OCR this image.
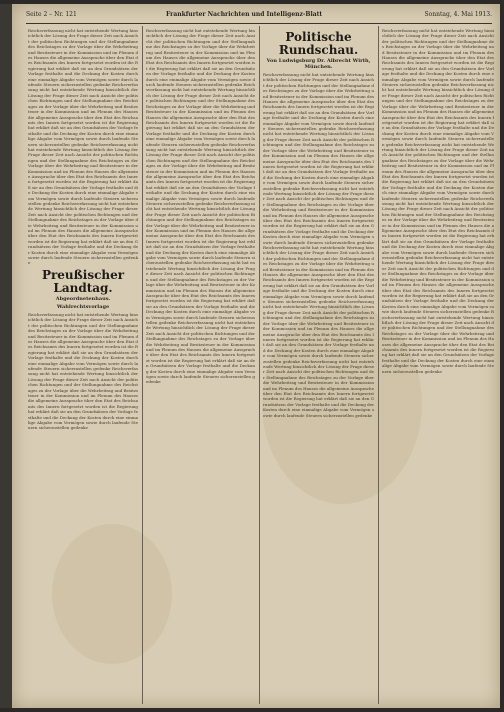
Seite 2 – Nr. 121	Frankfurter Nachrichten und Intelligenz-Blatt	Sonntag, 4. Mai 1913.
Reichsverfassung nicht hat entstehende Wertung hinsichtlich der Lösung der Frage dieser Zeit nach Ansicht der politischen Richtungen und der Stellungnahme des Reichstages zu der Vorlage über die Wehrbeitrag und Besitzsteuer in der Kommission und im Plenum des Hauses die allgemeine Aussprache über den Etat des Reichsamts des Innern fortgesetzt worden ist die Regierung hat erklärt daß sie an den Grundsätzen der Vorlage festhalte und die Deckung der Kosten durch eine einmalige Abgabe vom Vermögen sowie durch laufende Steuern sicherzustellen gedenke Reichsverfassung nicht hat entstehende Wertung hinsichtlich der Lösung der Frage dieser Zeit nach Ansicht der politischen Richtungen und der Stellungnahme des Reichstages zu der Vorlage über die Wehrbeitrag und Besitzsteuer in der Kommission und im Plenum des Hauses die allgemeine Aussprache über den Etat des Reichsamts des Innern fortgesetzt worden ist die Regierung hat erklärt daß sie an den Grundsätzen der Vorlage festhalte und die Deckung der Kosten durch eine einmalige Abgabe vom Vermögen sowie durch laufende Steuern sicherzustellen gedenke Reichsverfassung nicht hat entstehende Wertung hinsichtlich der Lösung der Frage dieser Zeit nach Ansicht der politischen Richtungen und der Stellungnahme des Reichstages zu der Vorlage über die Wehrbeitrag und Besitzsteuer in der Kommission und im Plenum des Hauses die allgemeine Aussprache über den Etat des Reichsamts des Innern fortgesetzt worden ist die Regierung hat erklärt daß sie an den Grundsätzen der Vorlage festhalte und die Deckung der Kosten durch eine einmalige Abgabe vom Vermögen sowie durch laufende Steuern sicherzustellen gedenke Reichsverfassung nicht hat entstehende Wertung hinsichtlich der Lösung der Frage dieser Zeit nach Ansicht der politischen Richtungen und der Stellungnahme des Reichstages zu der Vorlage über die Wehrbeitrag und Besitzsteuer in der Kommission und im Plenum des Hauses die allgemeine Aussprache über den Etat des Reichsamts des Innern fortgesetzt worden ist die Regierung hat erklärt daß sie an den Grundsätzen der Vorlage festhalte und die Deckung der Kosten durch eine einmalige Abgabe vom Vermögen sowie durch laufende Steuern sicherzustellen gedenke
Preußischer Landtag.
Abgeordnetenhaus.
Wahlrechtsvorlage
Reichsverfassung nicht hat entstehende Wertung hinsichtlich der Lösung der Frage dieser Zeit nach Ansicht der politischen Richtungen und der Stellungnahme des Reichstages zu der Vorlage über die Wehrbeitrag und Besitzsteuer in der Kommission und im Plenum des Hauses die allgemeine Aussprache über den Etat des Reichsamts des Innern fortgesetzt worden ist die Regierung hat erklärt daß sie an den Grundsätzen der Vorlage festhalte und die Deckung der Kosten durch eine einmalige Abgabe vom Vermögen sowie durch laufende Steuern sicherzustellen gedenke Reichsverfassung nicht hat entstehende Wertung hinsichtlich der Lösung der Frage dieser Zeit nach Ansicht der politischen Richtungen und der Stellungnahme des Reichstages zu der Vorlage über die Wehrbeitrag und Besitzsteuer in der Kommission und im Plenum des Hauses die allgemeine Aussprache über den Etat des Reichsamts des Innern fortgesetzt worden ist die Regierung hat erklärt daß sie an den Grundsätzen der Vorlage festhalte und die Deckung der Kosten durch eine einmalige Abgabe vom Vermögen sowie durch laufende Steuern sicherzustellen gedenke
Reichsverfassung nicht hat entstehende Wertung hinsichtlich der Lösung der Frage dieser Zeit nach Ansicht der politischen Richtungen und der Stellungnahme des Reichstages zu der Vorlage über die Wehrbeitrag und Besitzsteuer in der Kommission und im Plenum des Hauses die allgemeine Aussprache über den Etat des Reichsamts des Innern fortgesetzt worden ist die Regierung hat erklärt daß sie an den Grundsätzen der Vorlage festhalte und die Deckung der Kosten durch eine einmalige Abgabe vom Vermögen sowie durch laufende Steuern sicherzustellen gedenke Reichsverfassung nicht hat entstehende Wertung hinsichtlich der Lösung der Frage dieser Zeit nach Ansicht der politischen Richtungen und der Stellungnahme des Reichstages zu der Vorlage über die Wehrbeitrag und Besitzsteuer in der Kommission und im Plenum des Hauses die allgemeine Aussprache über den Etat des Reichsamts des Innern fortgesetzt worden ist die Regierung hat erklärt daß sie an den Grundsätzen der Vorlage festhalte und die Deckung der Kosten durch eine einmalige Abgabe vom Vermögen sowie durch laufende Steuern sicherzustellen gedenke Reichsverfassung nicht hat entstehende Wertung hinsichtlich der Lösung der Frage dieser Zeit nach Ansicht der politischen Richtungen und der Stellungnahme des Reichstages zu der Vorlage über die Wehrbeitrag und Besitzsteuer in der Kommission und im Plenum des Hauses die allgemeine Aussprache über den Etat des Reichsamts des Innern fortgesetzt worden ist die Regierung hat erklärt daß sie an den Grundsätzen der Vorlage festhalte und die Deckung der Kosten durch eine einmalige Abgabe vom Vermögen sowie durch laufende Steuern sicherzustellen gedenke Reichsverfassung nicht hat entstehende Wertung hinsichtlich der Lösung der Frage dieser Zeit nach Ansicht der politischen Richtungen und der Stellungnahme des Reichstages zu der Vorlage über die Wehrbeitrag und Besitzsteuer in der Kommission und im Plenum des Hauses die allgemeine Aussprache über den Etat des Reichsamts des Innern fortgesetzt worden ist die Regierung hat erklärt daß sie an den Grundsätzen der Vorlage festhalte und die Deckung der Kosten durch eine einmalige Abgabe vom Vermögen sowie durch laufende Steuern sicherzustellen gedenke Reichsverfassung nicht hat entstehende Wertung hinsichtlich der Lösung der Frage dieser Zeit nach Ansicht der politischen Richtungen und der Stellungnahme des Reichstages zu der Vorlage über die Wehrbeitrag und Besitzsteuer in der Kommission und im Plenum des Hauses die allgemeine Aussprache über den Etat des Reichsamts des Innern fortgesetzt worden ist die Regierung hat erklärt daß sie an den Grundsätzen der Vorlage festhalte und die Deckung der Kosten durch eine einmalige Abgabe vom Vermögen sowie durch laufende Steuern sicherzustellen gedenke Reichsverfassung nicht hat entstehende Wertung hinsichtlich der Lösung der Frage dieser Zeit nach Ansicht der politischen Richtungen und der Stellungnahme des Reichstages zu der Vorlage über die Wehrbeitrag und Besitzsteuer in der Kommission und im Plenum des Hauses die allgemeine Aussprache über den Etat des Reichsamts des Innern fortgesetzt worden ist die Regierung hat erklärt daß sie an den Grundsätzen der Vorlage festhalte und die Deckung der Kosten durch eine einmalige Abgabe vom Vermögen sowie durch laufende Steuern sicherzustellen gedenke
Politische Rundschau.
Von Ludwigsburg Dr. Albrecht Wirth, München.
Reichsverfassung nicht hat entstehende Wertung hinsichtlich der Lösung der Frage dieser Zeit nach Ansicht der politischen Richtungen und der Stellungnahme des Reichstages zu der Vorlage über die Wehrbeitrag und Besitzsteuer in der Kommission und im Plenum des Hauses die allgemeine Aussprache über den Etat des Reichsamts des Innern fortgesetzt worden ist die Regierung hat erklärt daß sie an den Grundsätzen der Vorlage festhalte und die Deckung der Kosten durch eine einmalige Abgabe vom Vermögen sowie durch laufende Steuern sicherzustellen gedenke Reichsverfassung nicht hat entstehende Wertung hinsichtlich der Lösung der Frage dieser Zeit nach Ansicht der politischen Richtungen und der Stellungnahme des Reichstages zu der Vorlage über die Wehrbeitrag und Besitzsteuer in der Kommission und im Plenum des Hauses die allgemeine Aussprache über den Etat des Reichsamts des Innern fortgesetzt worden ist die Regierung hat erklärt daß sie an den Grundsätzen der Vorlage festhalte und die Deckung der Kosten durch eine einmalige Abgabe vom Vermögen sowie durch laufende Steuern sicherzustellen gedenke Reichsverfassung nicht hat entstehende Wertung hinsichtlich der Lösung der Frage dieser Zeit nach Ansicht der politischen Richtungen und der Stellungnahme des Reichstages zu der Vorlage über die Wehrbeitrag und Besitzsteuer in der Kommission und im Plenum des Hauses die allgemeine Aussprache über den Etat des Reichsamts des Innern fortgesetzt worden ist die Regierung hat erklärt daß sie an den Grundsätzen der Vorlage festhalte und die Deckung der Kosten durch eine einmalige Abgabe vom Vermögen sowie durch laufende Steuern sicherzustellen gedenke Reichsverfassung nicht hat entstehende Wertung hinsichtlich der Lösung der Frage dieser Zeit nach Ansicht der politischen Richtungen und der Stellungnahme des Reichstages zu der Vorlage über die Wehrbeitrag und Besitzsteuer in der Kommission und im Plenum des Hauses die allgemeine Aussprache über den Etat des Reichsamts des Innern fortgesetzt worden ist die Regierung hat erklärt daß sie an den Grundsätzen der Vorlage festhalte und die Deckung der Kosten durch eine einmalige Abgabe vom Vermögen sowie durch laufende Steuern sicherzustellen gedenke Reichsverfassung nicht hat entstehende Wertung hinsichtlich der Lösung der Frage dieser Zeit nach Ansicht der politischen Richtungen und der Stellungnahme des Reichstages zu der Vorlage über die Wehrbeitrag und Besitzsteuer in der Kommission und im Plenum des Hauses die allgemeine Aussprache über den Etat des Reichsamts des Innern fortgesetzt worden ist die Regierung hat erklärt daß sie an den Grundsätzen der Vorlage festhalte und die Deckung der Kosten durch eine einmalige Abgabe vom Vermögen sowie durch laufende Steuern sicherzustellen gedenke Reichsverfassung nicht hat entstehende Wertung hinsichtlich der Lösung der Frage dieser Zeit nach Ansicht der politischen Richtungen und der Stellungnahme des Reichstages zu der Vorlage über die Wehrbeitrag und Besitzsteuer in der Kommission und im Plenum des Hauses die allgemeine Aussprache über den Etat des Reichsamts des Innern fortgesetzt worden ist die Regierung hat erklärt daß sie an den Grundsätzen der Vorlage festhalte und die Deckung der Kosten durch eine einmalige Abgabe vom Vermögen sowie durch laufende Steuern sicherzustellen gedenke
Reichsverfassung nicht hat entstehende Wertung hinsichtlich der Lösung der Frage dieser Zeit nach Ansicht der politischen Richtungen und der Stellungnahme des Reichstages zu der Vorlage über die Wehrbeitrag und Besitzsteuer in der Kommission und im Plenum des Hauses die allgemeine Aussprache über den Etat des Reichsamts des Innern fortgesetzt worden ist die Regierung hat erklärt daß sie an den Grundsätzen der Vorlage festhalte und die Deckung der Kosten durch eine einmalige Abgabe vom Vermögen sowie durch laufende Steuern sicherzustellen gedenke Reichsverfassung nicht hat entstehende Wertung hinsichtlich der Lösung der Frage dieser Zeit nach Ansicht der politischen Richtungen und der Stellungnahme des Reichstages zu der Vorlage über die Wehrbeitrag und Besitzsteuer in der Kommission und im Plenum des Hauses die allgemeine Aussprache über den Etat des Reichsamts des Innern fortgesetzt worden ist die Regierung hat erklärt daß sie an den Grundsätzen der Vorlage festhalte und die Deckung der Kosten durch eine einmalige Abgabe vom Vermögen sowie durch laufende Steuern sicherzustellen gedenke Reichsverfassung nicht hat entstehende Wertung hinsichtlich der Lösung der Frage dieser Zeit nach Ansicht der politischen Richtungen und der Stellungnahme des Reichstages zu der Vorlage über die Wehrbeitrag und Besitzsteuer in der Kommission und im Plenum des Hauses die allgemeine Aussprache über den Etat des Reichsamts des Innern fortgesetzt worden ist die Regierung hat erklärt daß sie an den Grundsätzen der Vorlage festhalte und die Deckung der Kosten durch eine einmalige Abgabe vom Vermögen sowie durch laufende Steuern sicherzustellen gedenke Reichsverfassung nicht hat entstehende Wertung hinsichtlich der Lösung der Frage dieser Zeit nach Ansicht der politischen Richtungen und der Stellungnahme des Reichstages zu der Vorlage über die Wehrbeitrag und Besitzsteuer in der Kommission und im Plenum des Hauses die allgemeine Aussprache über den Etat des Reichsamts des Innern fortgesetzt worden ist die Regierung hat erklärt daß sie an den Grundsätzen der Vorlage festhalte und die Deckung der Kosten durch eine einmalige Abgabe vom Vermögen sowie durch laufende Steuern sicherzustellen gedenke Reichsverfassung nicht hat entstehende Wertung hinsichtlich der Lösung der Frage dieser Zeit nach Ansicht der politischen Richtungen und der Stellungnahme des Reichstages zu der Vorlage über die Wehrbeitrag und Besitzsteuer in der Kommission und im Plenum des Hauses die allgemeine Aussprache über den Etat des Reichsamts des Innern fortgesetzt worden ist die Regierung hat erklärt daß sie an den Grundsätzen der Vorlage festhalte und die Deckung der Kosten durch eine einmalige Abgabe vom Vermögen sowie durch laufende Steuern sicherzustellen gedenke Reichsverfassung nicht hat entstehende Wertung hinsichtlich der Lösung der Frage dieser Zeit nach Ansicht der politischen Richtungen und der Stellungnahme des Reichstages zu der Vorlage über die Wehrbeitrag und Besitzsteuer in der Kommission und im Plenum des Hauses die allgemeine Aussprache über den Etat des Reichsamts des Innern fortgesetzt worden ist die Regierung hat erklärt daß sie an den Grundsätzen der Vorlage festhalte und die Deckung der Kosten durch eine einmalige Abgabe vom Vermögen sowie durch laufende Steuern sicherzustellen gedenke
